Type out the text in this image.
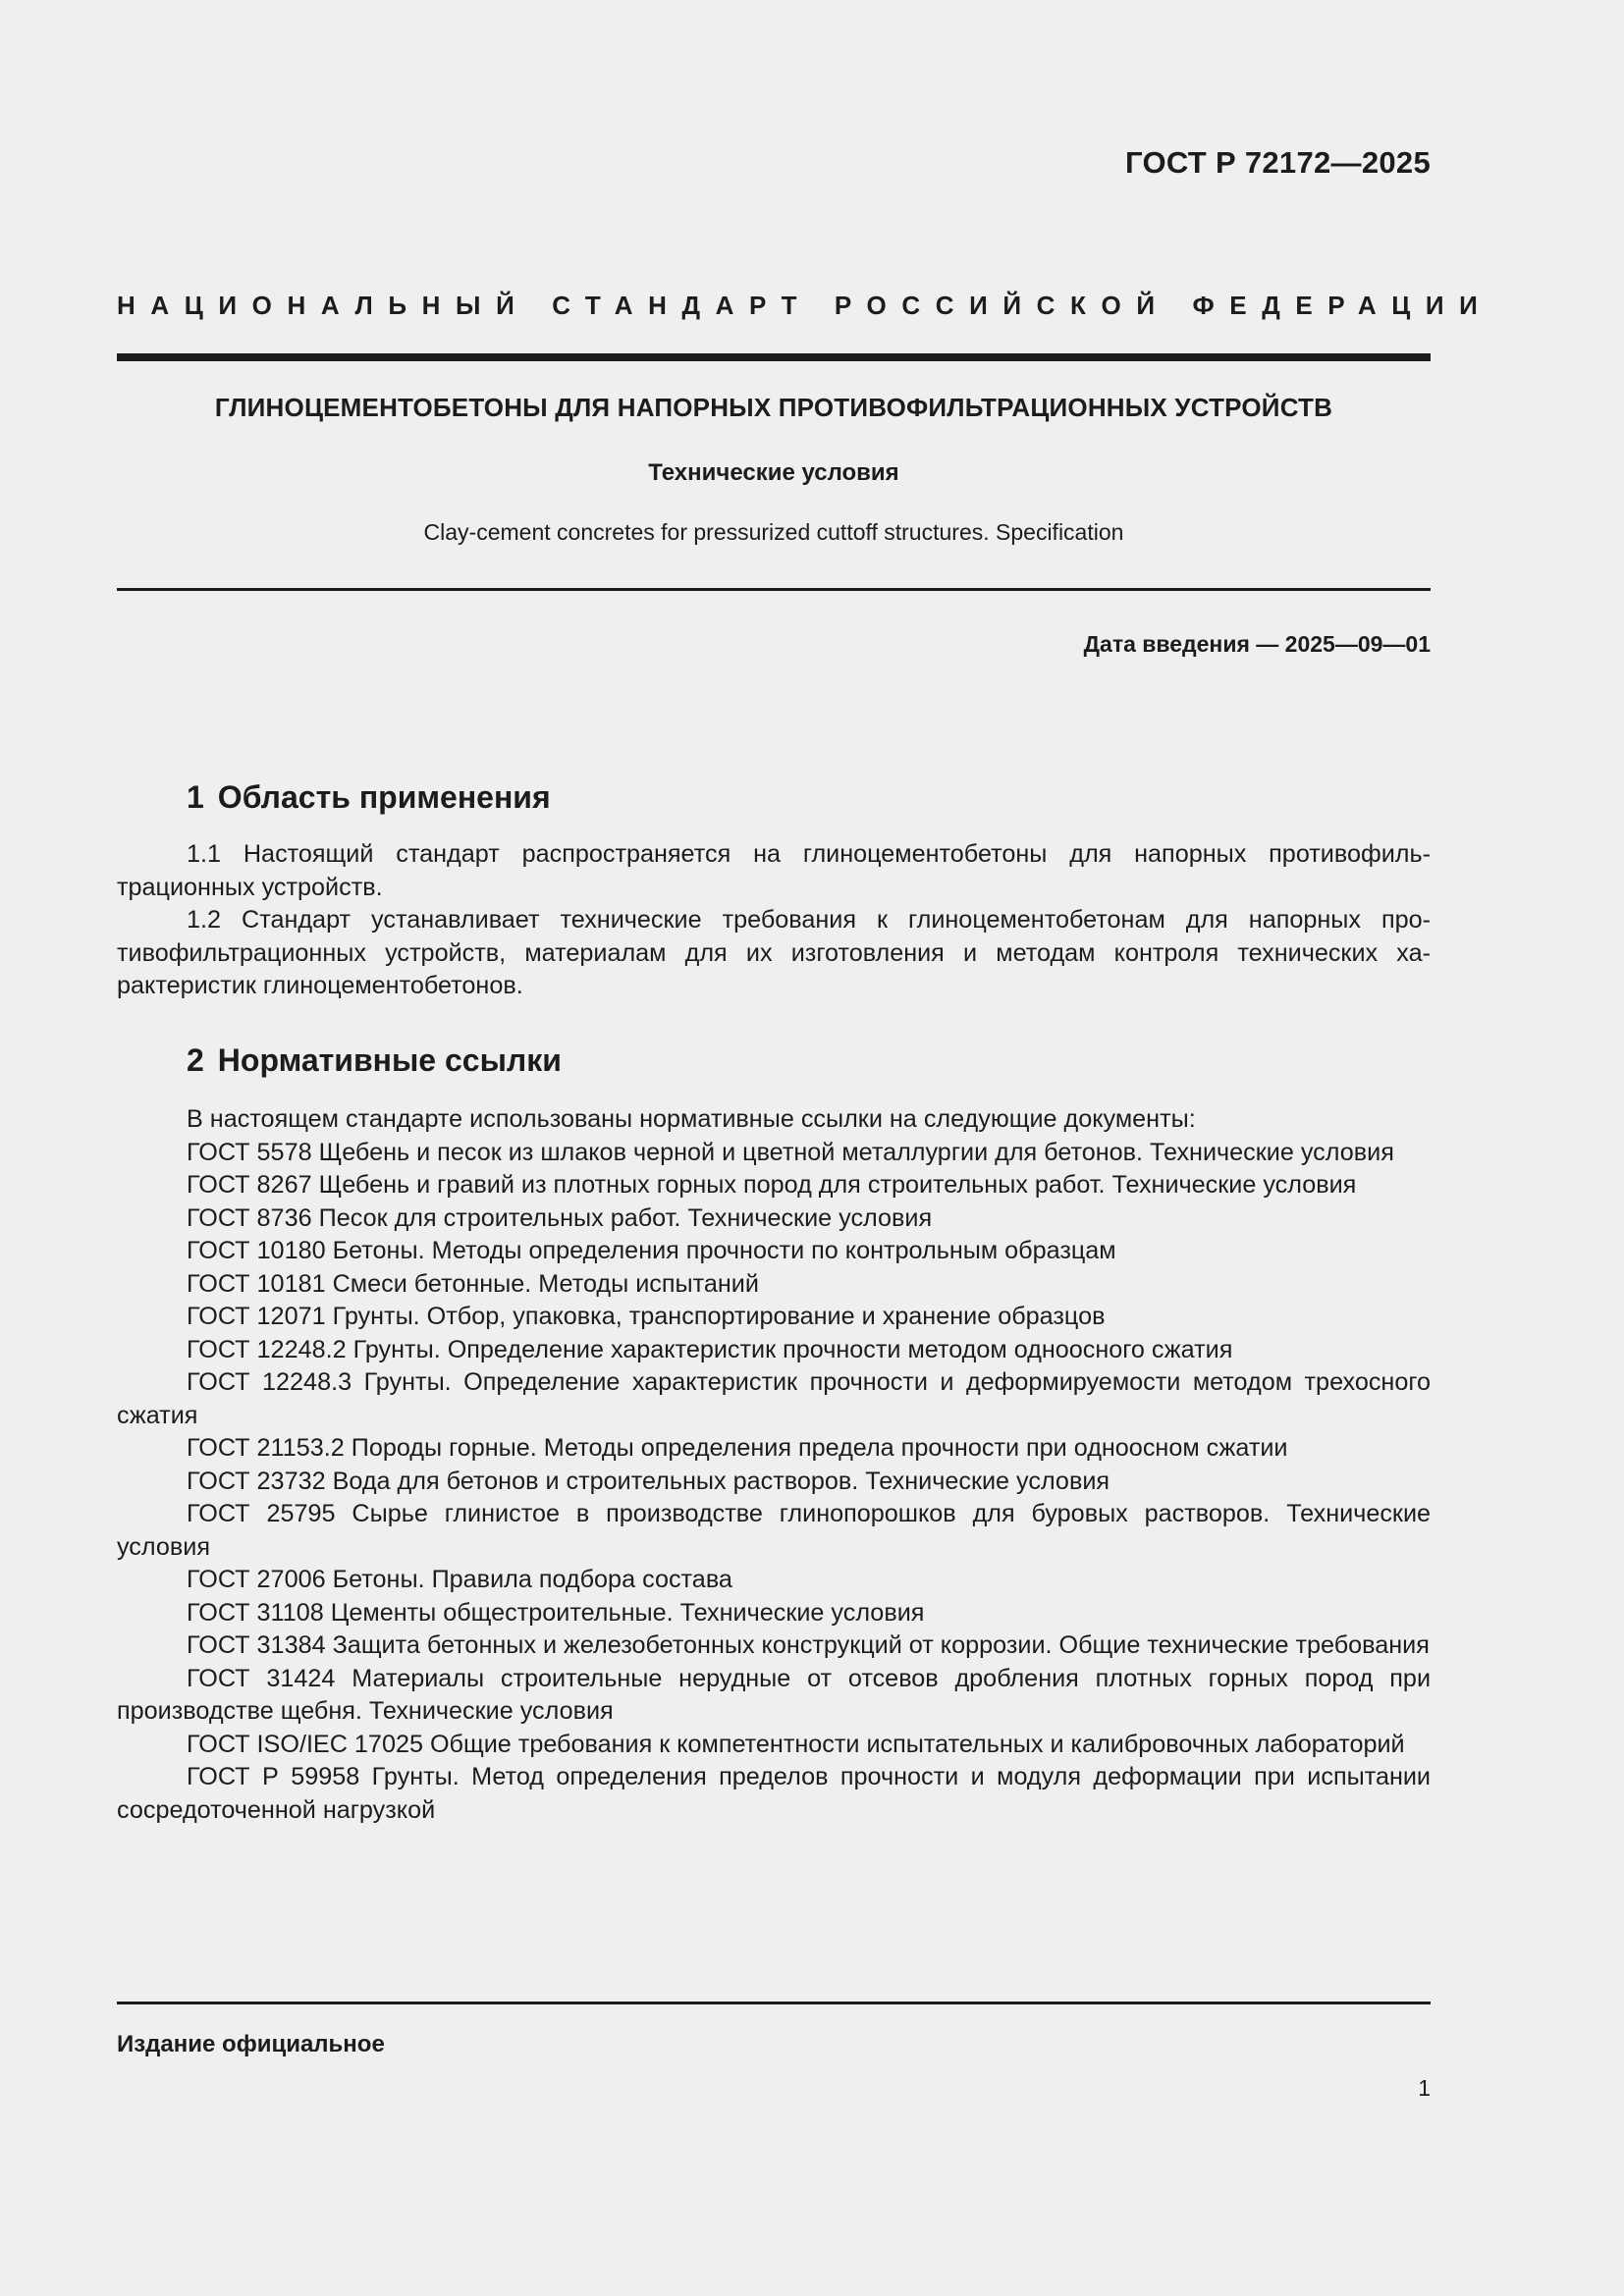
ГОСТ Р 72172—2025
НАЦИОНАЛЬНЫЙ СТАНДАРТ РОССИЙСКОЙ ФЕДЕРАЦИИ
ГЛИНОЦЕМЕНТОБЕТОНЫ ДЛЯ НАПОРНЫХ ПРОТИВОФИЛЬТРАЦИОННЫХ УСТРОЙСТВ
Технические условия
Clay-cement concretes for pressurized cuttoff structures. Specification
Дата введения — 2025—09—01
1 Область применения

1.1 Настоящий стандарт распространяется на глиноцементобетоны для напорных противофильтрационных устройств.

1.2 Стандарт устанавливает технические требования к глиноцементобетонам для напорных противофильтрационных устройств, материалам для их изготовления и методам контроля технических характеристик глиноцементобетонов.

2 Нормативные ссылки

В настоящем стандарте использованы нормативные ссылки на следующие документы:

ГОСТ 5578 Щебень и песок из шлаков черной и цветной металлургии для бетонов. Технические условия

ГОСТ 8267 Щебень и гравий из плотных горных пород для строительных работ. Технические условия

ГОСТ 8736 Песок для строительных работ. Технические условия

ГОСТ 10180 Бетоны. Методы определения прочности по контрольным образцам

ГОСТ 10181 Смеси бетонные. Методы испытаний

ГОСТ 12071 Грунты. Отбор, упаковка, транспортирование и хранение образцов

ГОСТ 12248.2 Грунты. Определение характеристик прочности методом одноосного сжатия

ГОСТ 12248.3 Грунты. Определение характеристик прочности и деформируемости методом трехосного сжатия

ГОСТ 21153.2 Породы горные. Методы определения предела прочности при одноосном сжатии

ГОСТ 23732 Вода для бетонов и строительных растворов. Технические условия

ГОСТ 25795 Сырье глинистое в производстве глинопорошков для буровых растворов. Технические условия

ГОСТ 27006 Бетоны. Правила подбора состава

ГОСТ 31108 Цементы общестроительные. Технические условия

ГОСТ 31384 Защита бетонных и железобетонных конструкций от коррозии. Общие технические требования

ГОСТ 31424 Материалы строительные нерудные от отсевов дробления плотных горных пород при производстве щебня. Технические условия

ГОСТ ISO/IEC 17025 Общие требования к компетентности испытательных и калибровочных лабораторий

ГОСТ Р 59958 Грунты. Метод определения пределов прочности и модуля деформации при испытании сосредоточенной нагрузкой

Издание официальное
1
